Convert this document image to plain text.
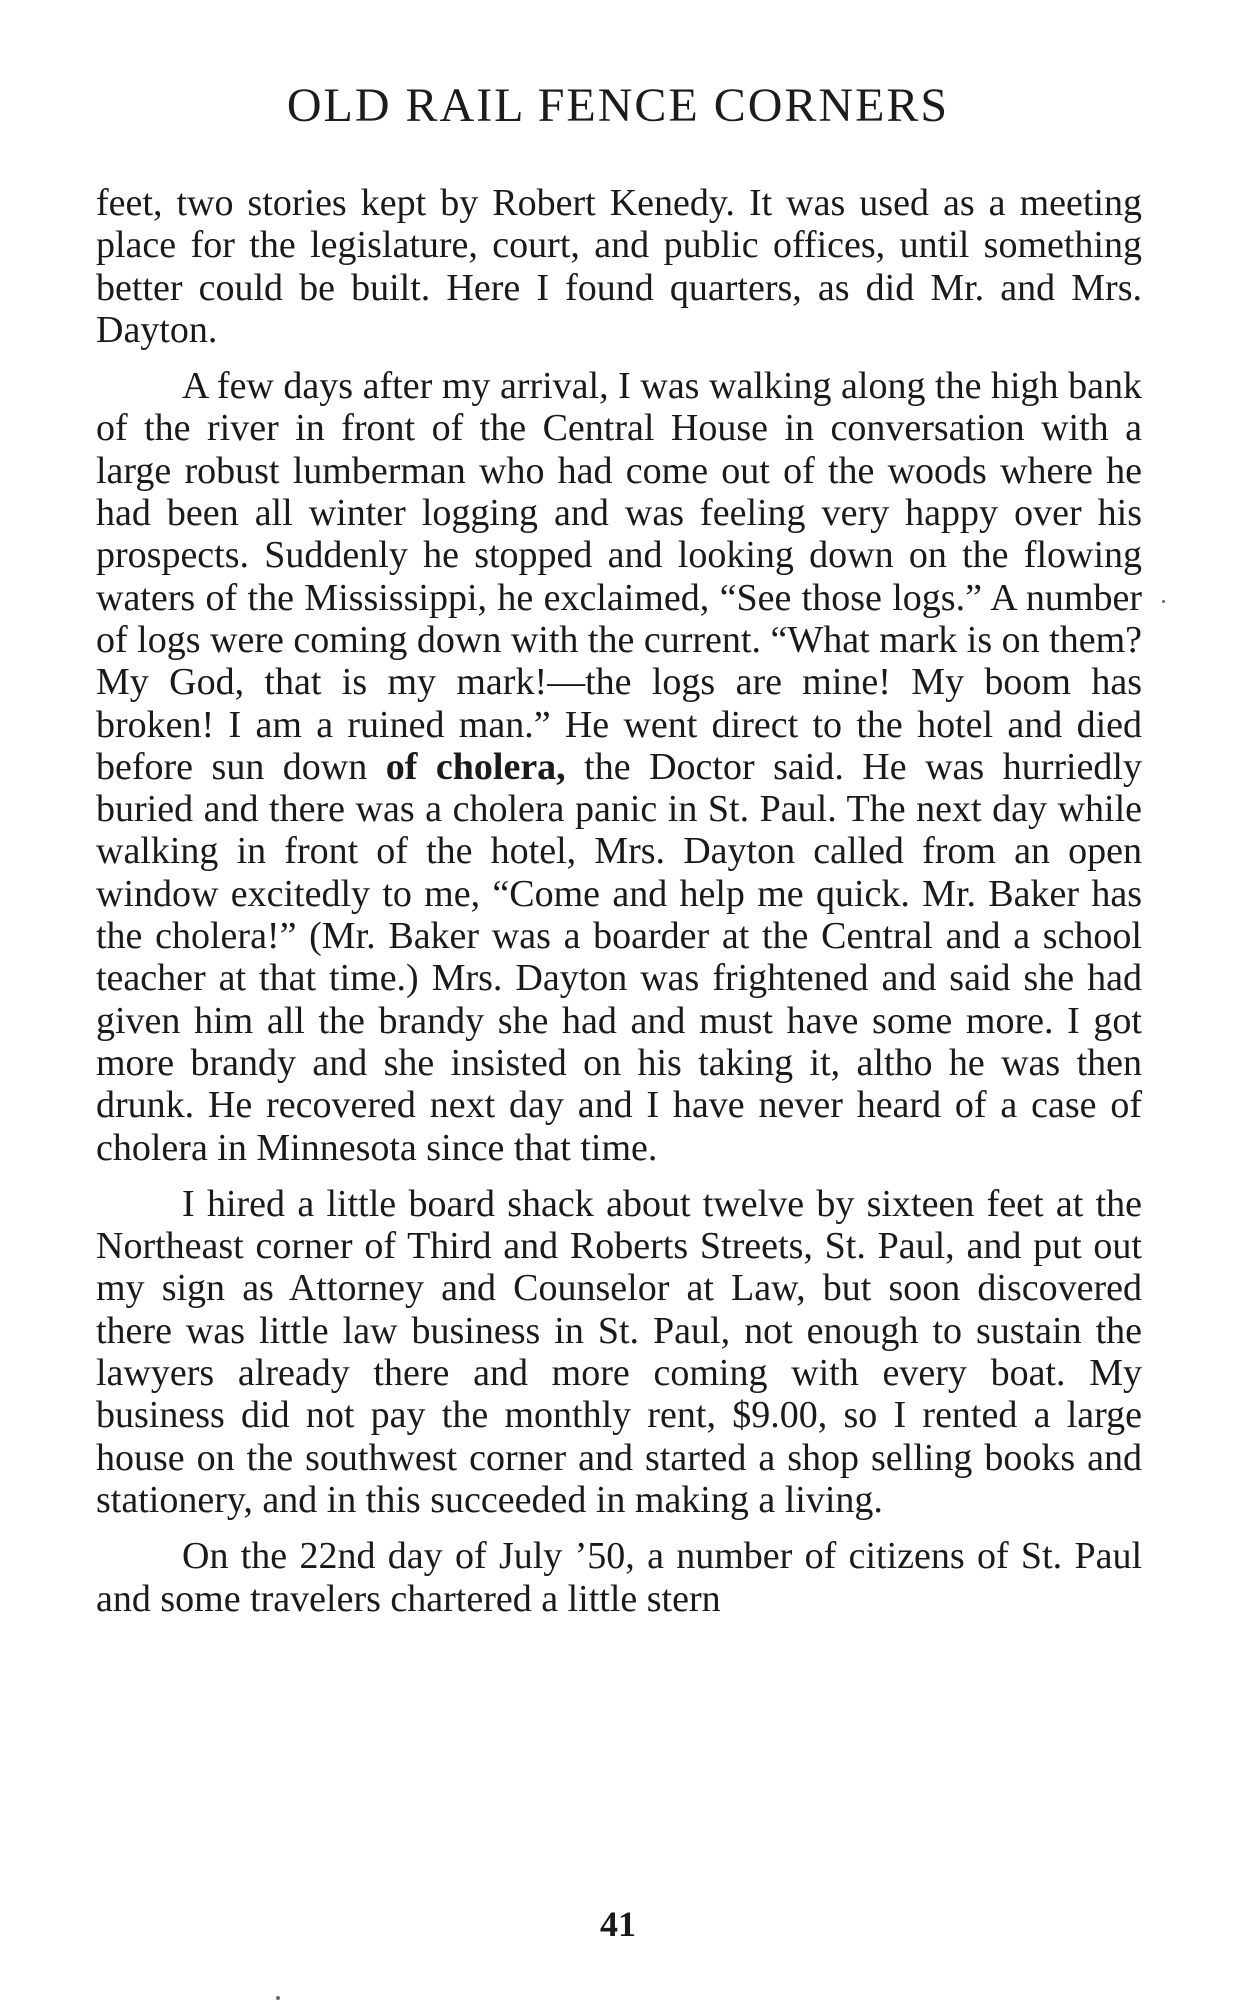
OLD RAIL FENCE CORNERS

feet, two stories kept by Robert Kenedy. It was used as a meeting place for the legislature, court, and public offices, until something better could be built. Here I found quarters, as did Mr. and Mrs. Dayton.

A few days after my arrival, I was walking along the high bank of the river in front of the Central House in conversation with a large robust lumberman who had come out of the woods where he had been all winter logging and was feeling very happy over his prospects. Suddenly he stopped and looking down on the flowing waters of the Mississippi, he exclaimed, “See those logs.” A number of logs were coming down with the current. “What mark is on them? My God, that is my mark!—the logs are mine! My boom has broken! I am a ruined man.” He went direct to the hotel and died before sun down of cholera, the Doctor said. He was hurriedly buried and there was a cholera panic in St. Paul. The next day while walking in front of the hotel, Mrs. Dayton called from an open window excitedly to me, “Come and help me quick. Mr. Baker has the cholera!” (Mr. Baker was a boarder at the Central and a school teacher at that time.) Mrs. Dayton was frightened and said she had given him all the brandy she had and must have some more. I got more brandy and she insisted on his taking it, altho he was then drunk. He recovered next day and I have never heard of a case of cholera in Minnesota since that time.

I hired a little board shack about twelve by sixteen feet at the Northeast corner of Third and Roberts Streets, St. Paul, and put out my sign as Attorney and Counselor at Law, but soon discovered there was little law business in St. Paul, not enough to sustain the lawyers already there and more coming with every boat. My business did not pay the monthly rent, $9.00, so I rented a large house on the southwest corner and started a shop selling books and stationery, and in this succeeded in making a living.

On the 22nd day of July ’50, a number of citizens of St. Paul and some travelers chartered a little stern

41
